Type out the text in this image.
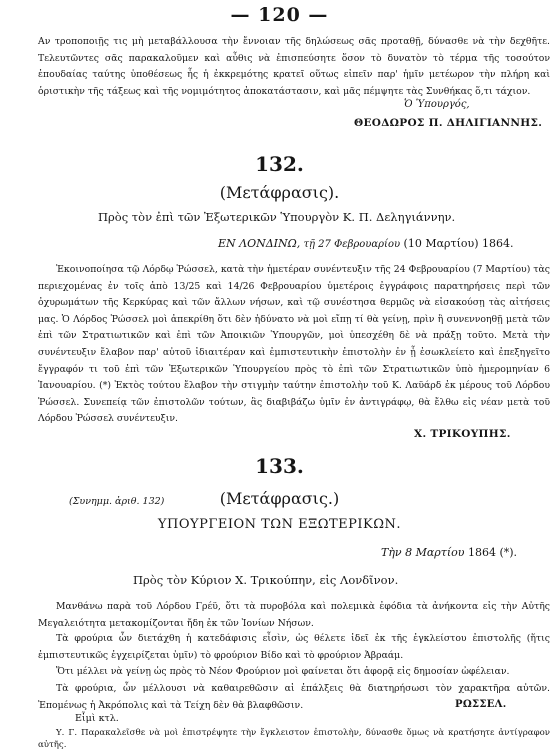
— 120 —

Αν τροποποιῇς τις μὴ μεταβάλλουσα τὴν ἔννοιαν τῆς δηλώσεως σᾶς προταθῇ, δύνασθε νὰ τὴν δεχθῆτε. Τελευτῶντες σᾶς παρακαλοῦμεν καὶ αὖθις νὰ ἐπισπεύσητε ὅσον τὸ δυνατὸν τὸ τέρμα τῆς τοσούτον ἐπουδαίας ταύτης ὑποθέσεως ἧς ἡ ἐκκρεμότης κρατεῖ οὕτως εἰπεῖν παρ' ἡμῖν μετέωρον τὴν πλήρη καὶ ὁριστικὴν τῆς τάξεως καὶ τῆς νομιμότητος ἀποκατάστασιν, καὶ μᾶς πέμψητε τὰς Συνθήκας ὅ,τι τάχιον.

Ὁ Ὑπουργός,
ΘΕΟΔΩΡΟΣ Π. ΔΗΛΙΓΙΑΝΝΗΣ.
132.
(Μετάφρασις).
Πρὸς τὸν ἐπὶ τῶν Ἐξωτερικῶν Ὑπουργὸν Κ. Π. Δεληγιάννην.
ΕΝ ΛΟΝΔΙΝΩ, τῇ 27 Φεβρουαρίου (10 Μαρτίου) 1864.

Ἐκοινοποίησα τῷ Λόρδῳ Ῥώσσελ, κατὰ τὴν ἡμετέραν συνέντευξιν τῆς 24 Φεβρουαρίου (7 Μαρτίου) τὰς περιεχομένας ἐν τοῖς ἀπὸ 13/25 καὶ 14/26 Φεβρουαρίου ὑμετέροις ἐγγράφοις παρατηρήσεις περὶ τῶν ὀχυρωμάτων τῆς Κερκύρας καὶ τῶν ἄλλων νήσων, καὶ τῷ συνέστησα θερμῶς νὰ εἰσακούσῃ τὰς αἰτήσεις μας. Ὁ Λόρδος Ῥώσσελ μοὶ ἀπεκρίθη ὅτι δὲν ἠδύνατο νὰ μοὶ εἴπῃ τί θὰ γείνῃ, πρὶν ἢ συνεννοηθῇ μετὰ τῶν ἐπὶ τῶν Στρατιωτικῶν καὶ ἐπὶ τῶν Ἀποικιῶν Ὑπουργῶν, μοὶ ὑπεσχέθη δὲ νὰ πράξῃ τοῦτο. Μετὰ τὴν συνέντευξιν ἔλαβον παρ' αὐτοῦ ἰδιαιτέραν καὶ ἐμπιστευτικὴν ἐπιστολὴν ἐν ᾗ ἐσωκλείετο καὶ ἐπεξηγεῖτο ἔγγραφόν τι τοῦ ἐπὶ τῶν Ἐξωτερικῶν Ὑπουργείου πρὸς τὸ ἐπὶ τῶν Στρατιωτικῶν ὑπὸ ἡμερομηνίαν 6 Ἰανουαρίου. (*) Ἐκτὸς τούτου ἔλαβον τὴν στιγμὴν ταύτην ἐπιστολὴν τοῦ Κ. Λαϋάρδ ἐκ μέρους τοῦ Λόρδου Ῥώσσελ. Συνεπείᾳ τῶν ἐπιστολῶν τούτων, ἃς διαβιβάζω ὑμῖν ἐν ἀντιγράφῳ, θὰ ἔλθω εἰς νέαν μετὰ τοῦ Λόρδου Ῥώσσελ συνέντευξιν.

Χ. ΤΡΙΚΟΥΠΗΣ.
133.
(Συνημμ. ἀριθ. 132)	(Μετάφρασις.)
ΥΠΟΥΡΓΕΙΟΝ ΤΩΝ ΕΞΩΤΕΡΙΚΩΝ.
Τὴν 8 Μαρτίου 1864 (*).
Πρὸς τὸν Κύριον Χ. Τρικούπην, εἰς Λονδῖνον.

Μανθάνω παρὰ τοῦ Λόρδου Γρέϋ, ὅτι τὰ πυροβόλα καὶ πολεμικὰ ἐφόδια τὰ ἀνήκοντα εἰς τὴν Αὐτῆς Μεγαλειότητα μετακομίζονται ἤδη ἐκ τῶν Ἰονίων Νήσων.

Τὰ φρούρια ὧν διετάχθη ἡ κατεδάφισις εἶσὶν, ὡς θέλετε ἰδεῖ ἐκ τῆς ἐγκλείστου ἐπιστολῆς (ἥτις ἐμπιστευτικῶς ἐγχειρίζεται ὑμῖν) τὸ φρούριον Βίδο καὶ τὸ φρούριον Ἀβραάμ.

Ὅτι μέλλει νὰ γείνῃ ὡς πρὸς τὸ Νέον Φρούριον μοὶ φαίνεται ὅτι ἀφορᾷ εἰς δημοσίαν ὠφέλειαν.

Τὰ φρούρια, ὧν μέλλουσι νὰ καθαιρεθῶσιν αἱ ἐπάλξεις θὰ διατηρήσωσι τὸν χαρακτῆρα αὐτῶν. Ἐπομένως ἡ Ἀκρόπολις καὶ τὰ Τείχη δὲν θὰ βλαφθῶσιν.

Εἶμὶ κτλ.
ΡΩΣΣΕΛ.

Υ. Γ. Παρακαλεῖσθε νὰ μοὶ ἐπιστρέψητε τὴν ἔγκλειστον ἐπιστολὴν, δύνασθε ὅμως νὰ κρατήσητε ἀντίγραφον αὐτῆς.
